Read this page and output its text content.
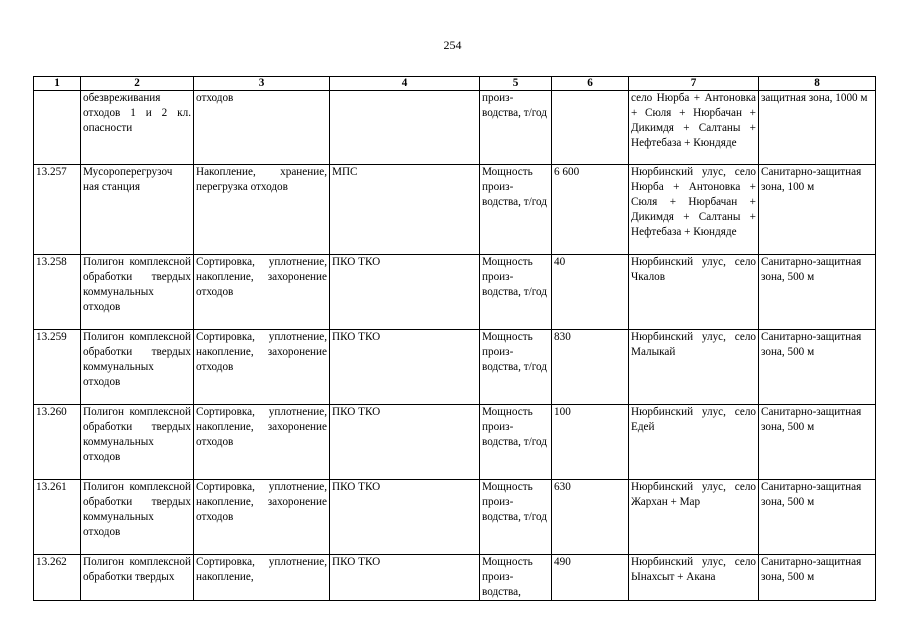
254
1	2	3	4	5	6	7	8
	обезвреживания отходов 1 и 2 кл. опасности	отходов		произ-водства, т/год		село Нюрба + Антоновка + Сюля + Нюрбачан + Дикимдя + Салтаны + Нефтебаза + Кюндяде	защитная зона, 1000 м
13.257	Мусороперегрузоч ная станция	Накопление, хранение, перегрузка отходов	МПС	Мощность произ-водства, т/год	6 600	Нюрбинский улус, село Нюрба + Антоновка + Сюля + Нюрбачан + Дикимдя + Салтаны + Нефтебаза + Кюндяде	Санитарно-защитная зона, 100 м
13.258	Полигон комплексной обработки твердых коммунальных отходов	Сортировка, уплотнение, накопление, захоронение отходов	ПКО ТКО	Мощность произ-водства, т/год	40	Нюрбинский улус, село Чкалов	Санитарно-защитная зона, 500 м
13.259	Полигон комплексной обработки твердых коммунальных отходов	Сортировка, уплотнение, накопление, захоронение отходов	ПКО ТКО	Мощность произ-водства, т/год	830	Нюрбинский улус, село Малыкай	Санитарно-защитная зона, 500 м
13.260	Полигон комплексной обработки твердых коммунальных отходов	Сортировка, уплотнение, накопление, захоронение отходов	ПКО ТКО	Мощность произ-водства, т/год	100	Нюрбинский улус, село Едей	Санитарно-защитная зона, 500 м
13.261	Полигон комплексной обработки твердых коммунальных отходов	Сортировка, уплотнение, накопление, захоронение отходов	ПКО ТКО	Мощность произ-водства, т/год	630	Нюрбинский улус, село Жархан + Мар	Санитарно-защитная зона, 500 м
13.262	Полигон комплексной обработки твердых	Сортировка, уплотнение, накопление,	ПКО ТКО	Мощность произ-водства,	490	Нюрбинский улус, село Ынахсыт + Акана	Санитарно-защитная зона, 500 м
